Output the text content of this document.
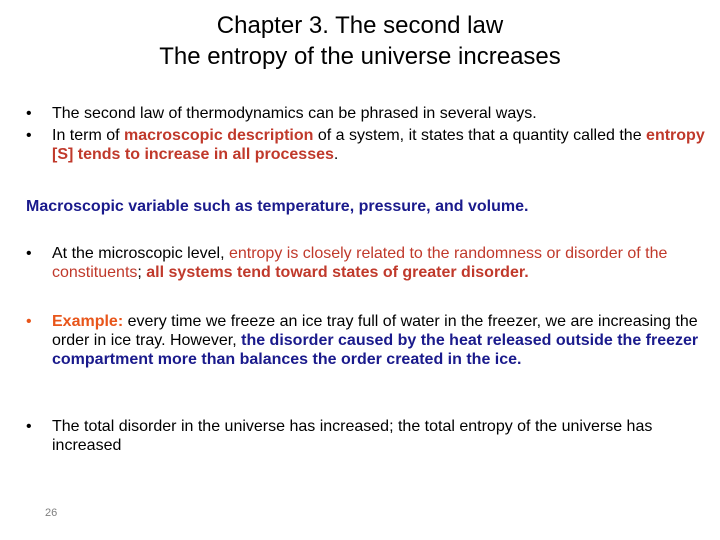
Chapter 3. The second law
The entropy of the universe increases
• The second law of thermodynamics can be phrased in several ways.
• In term of macroscopic description of a system, it states that a quantity called the entropy [S] tends to increase in all processes.
Macroscopic variable such as temperature, pressure, and volume.
• At the microscopic level, entropy is closely related to the randomness or disorder of the constituents; all systems tend toward states of greater disorder.
• Example: every time we freeze an ice tray full of water in the freezer, we are increasing the order in ice tray. However, the disorder caused by the heat released outside the freezer compartment more than balances the order created in the ice.
• The total disorder in the universe has increased; the total entropy of the universe has increased
26
